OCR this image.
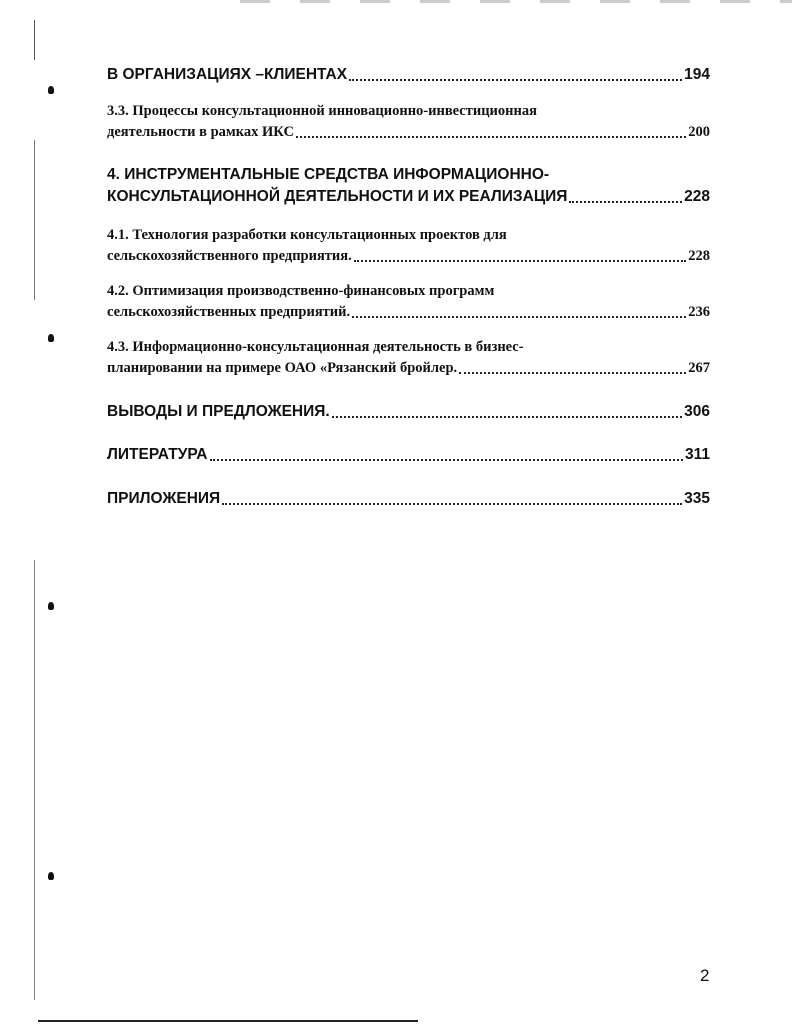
В ОРГАНИЗАЦИЯХ –КЛИЕНТАХ	194
3.3. Процессы консультационной инновационно-инвестиционная
деятельности в рамках ИКС	200
4. ИНСТРУМЕНТАЛЬНЫЕ СРЕДСТВА ИНФОРМАЦИОННО-
КОНСУЛЬТАЦИОННОЙ ДЕЯТЕЛЬНОСТИ И ИХ РЕАЛИЗАЦИЯ	228
4.1. Технология разработки консультационных проектов для
сельскохозяйственного предприятия.	228
4.2. Оптимизация производственно-финансовых программ
сельскохозяйственных предприятий.	236
4.3. Информационно-консультационная деятельность в бизнес-
планировании на примере ОАО «Рязанский бройлер.	267
ВЫВОДЫ И ПРЕДЛОЖЕНИЯ.	306
ЛИТЕРАТУРА	311
ПРИЛОЖЕНИЯ	335
2
